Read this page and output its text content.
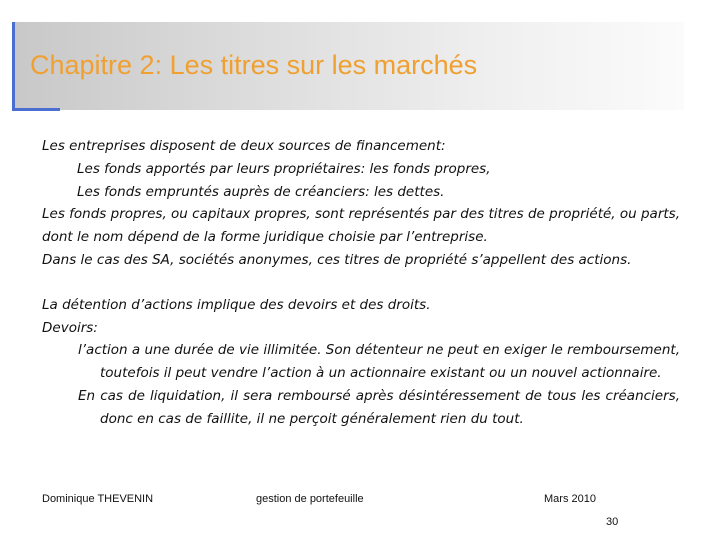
Chapitre 2: Les titres sur les marchés
Les entreprises disposent de deux sources de financement:
Les fonds apportés par leurs propriétaires: les fonds propres,
Les fonds empruntés auprès de créanciers: les dettes.
Les fonds propres, ou capitaux propres, sont représentés par des titres de propriété, ou parts, dont le nom dépend de la forme juridique choisie par l’entreprise.
Dans le cas des SA, sociétés anonymes, ces titres de propriété s’appellent des actions.
La détention d’actions implique des devoirs et des droits.
Devoirs:
l’action a une durée de vie illimitée. Son détenteur ne peut en exiger le remboursement, toutefois il peut vendre l’action à un actionnaire existant ou un nouvel actionnaire.
En cas de liquidation, il sera remboursé après désintéressement de tous les créanciers, donc en cas de faillite, il ne perçoit généralement rien du tout.
Dominique THEVENIN	gestion de portefeuille	Mars 2010
30
